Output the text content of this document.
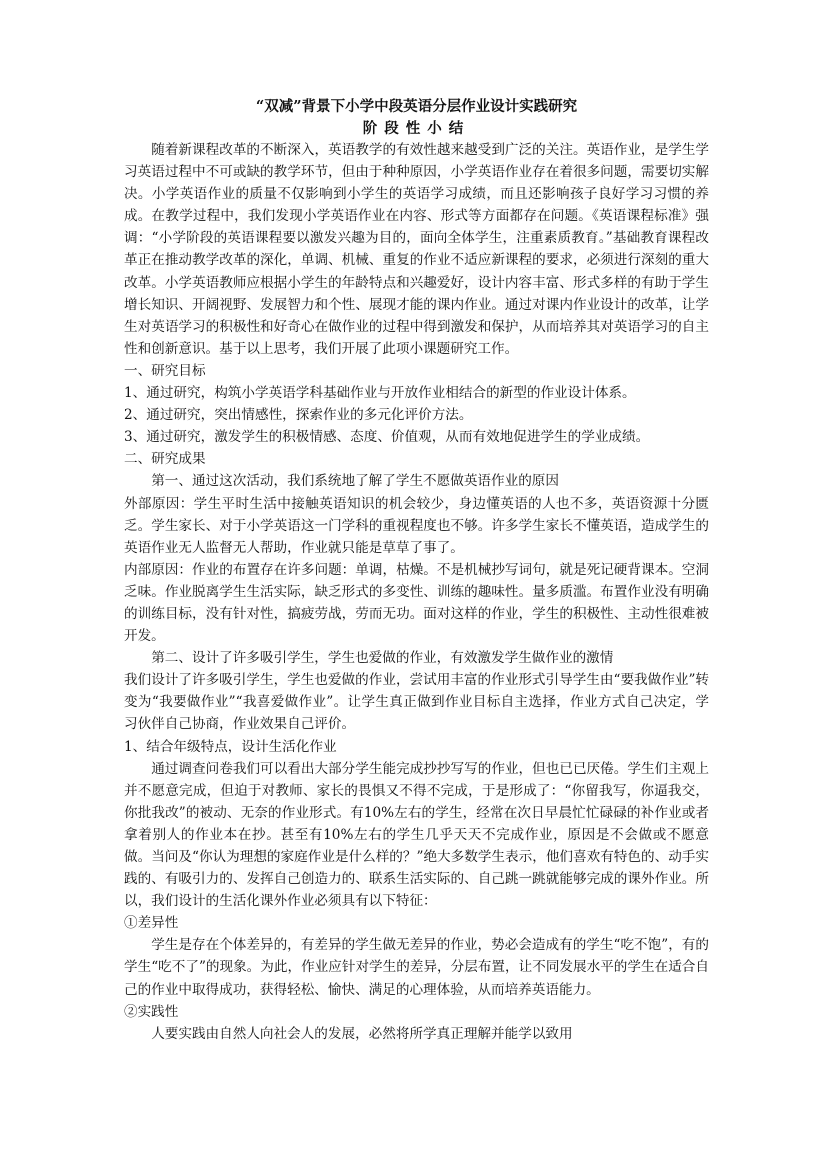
“双减”背景下小学中段英语分层作业设计实践研究
阶段性小结

随着新课程改革的不断深入，英语教学的有效性越来越受到广泛的关注。英语作业，是学生学习英语过程中不可或缺的教学环节，但由于种种原因，小学英语作业存在着很多问题，需要切实解决。小学英语作业的质量不仅影响到小学生的英语学习成绩，而且还影响孩子良好学习习惯的养成。在教学过程中，我们发现小学英语作业在内容、形式等方面都存在问题。《英语课程标准》强调：“小学阶段的英语课程要以激发兴趣为目的，面向全体学生，注重素质教育。”基础教育课程改革正在推动教学改革的深化，单调、机械、重复的作业不适应新课程的要求，必须进行深刻的重大改革。小学英语教师应根据小学生的年龄特点和兴趣爱好，设计内容丰富、形式多样的有助于学生增长知识、开阔视野、发展智力和个性、展现才能的课内作业。通过对课内作业设计的改革，让学生对英语学习的积极性和好奇心在做作业的过程中得到激发和保护，从而培养其对英语学习的自主性和创新意识。基于以上思考，我们开展了此项小课题研究工作。

一、研究目标

1、通过研究，构筑小学英语学科基础作业与开放作业相结合的新型的作业设计体系。

2、通过研究，突出情感性，探索作业的多元化评价方法。

3、通过研究，激发学生的积极情感、态度、价值观，从而有效地促进学生的学业成绩。

二、研究成果

第一、通过这次活动，我们系统地了解了学生不愿做英语作业的原因

外部原因：学生平时生活中接触英语知识的机会较少，身边懂英语的人也不多，英语资源十分匮乏。学生家长、对于小学英语这一门学科的重视程度也不够。许多学生家长不懂英语，造成学生的英语作业无人监督无人帮助，作业就只能是草草了事了。

内部原因：作业的布置存在许多问题：单调，枯燥。不是机械抄写词句，就是死记硬背课本。空洞乏味。作业脱离学生生活实际，缺乏形式的多变性、训练的趣味性。量多质滥。布置作业没有明确的训练目标，没有针对性，搞疲劳战，劳而无功。面对这样的作业，学生的积极性、主动性很难被开发。

第二、设计了许多吸引学生，学生也爱做的作业，有效激发学生做作业的激情

我们设计了许多吸引学生，学生也爱做的作业，尝试用丰富的作业形式引导学生由“要我做作业”转变为“我要做作业”“我喜爱做作业”。让学生真正做到作业目标自主选择，作业方式自己决定，学习伙伴自己协商，作业效果自己评价。

1、结合年级特点，设计生活化作业

通过调查问卷我们可以看出大部分学生能完成抄抄写写的作业，但也已已厌倦。学生们主观上并不愿意完成，但迫于对教师、家长的畏惧又不得不完成，于是形成了：“你留我写，你逼我交，你批我改”的被动、无奈的作业形式。有10%左右的学生，经常在次日早晨忙忙碌碌的补作业或者拿着别人的作业本在抄。甚至有10%左右的学生几乎天天不完成作业，原因是不会做或不愿意做。当问及“你认为理想的家庭作业是什么样的？”绝大多数学生表示，他们喜欢有特色的、动手实践的、有吸引力的、发挥自己创造力的、联系生活实际的、自己跳一跳就能够完成的课外作业。所以，我们设计的生活化课外作业必须具有以下特征：

①差异性

学生是存在个体差异的，有差异的学生做无差异的作业，势必会造成有的学生“吃不饱”，有的学生“吃不了”的现象。为此，作业应针对学生的差异，分层布置，让不同发展水平的学生在适合自己的作业中取得成功，获得轻松、愉快、满足的心理体验，从而培养英语能力。

②实践性

人要实践由自然人向社会人的发展，必然将所学真正理解并能学以致用
